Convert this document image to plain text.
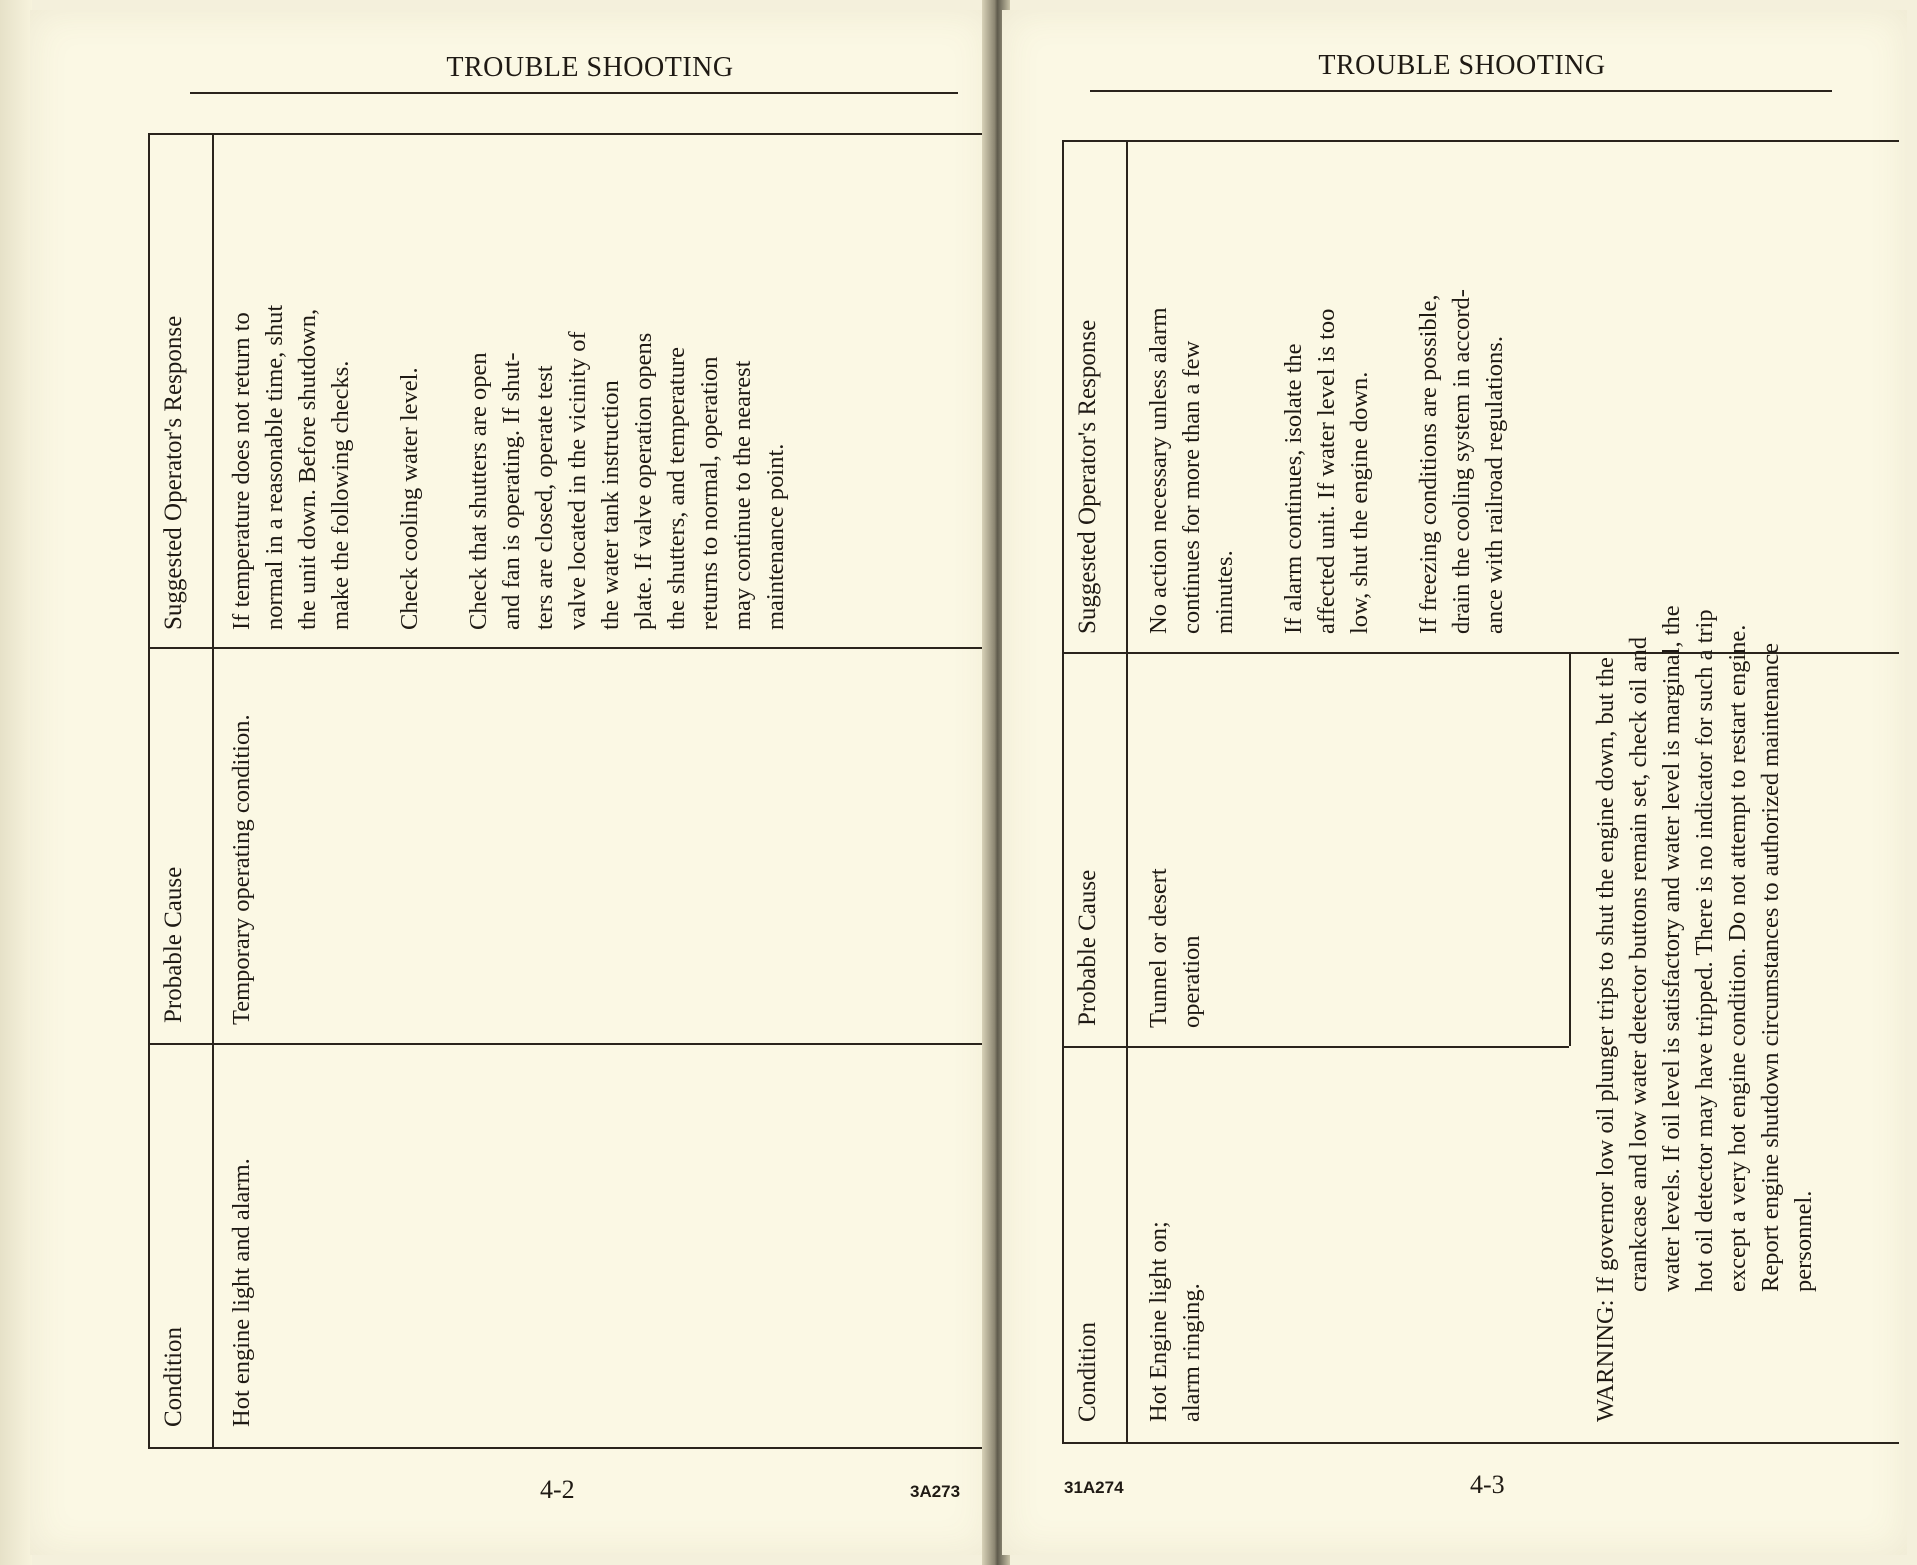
TROUBLE SHOOTING
Suggested Operator's Response
Probable Cause
Condition

If temperature does not return to normal in a reasonable time, shut the unit down. Before shutdown, make the following checks. Check cooling water level. Check that shutters are open and fan is operating. If shut- ters are closed, operate test valve located in the vicinity of the water tank instruction plate. If valve operation opens the shutters, and temperature returns to normal, operation may continue to the nearest maintenance point.

Temporary operating condition.
Hot engine light and alarm.
4-2	3A273
TROUBLE SHOOTING
Suggested Operator's Response
Probable Cause
Condition

No action necessary unless alarm continues for more than a few minutes. If alarm continues, isolate the affected unit. If water level is too low, shut the engine down. If freezing conditions are possible, drain the cooling system in accord- ance with railroad regulations.

Tunnel or desert operation
Hot Engine light on; alarm ringing.	WARNING: If governor low oil plunger trips to shut the engine down, but the crankcase and low water detector buttons remain set, check oil and water levels. If oil level is satisfactory and water level is marginal, the hot oil detector may have tripped. There is no indicator for such a trip except a very hot engine condition. Do not attempt to restart engine. Report engine shutdown circumstances to authorized maintenance personnel.
4-3
31A274
